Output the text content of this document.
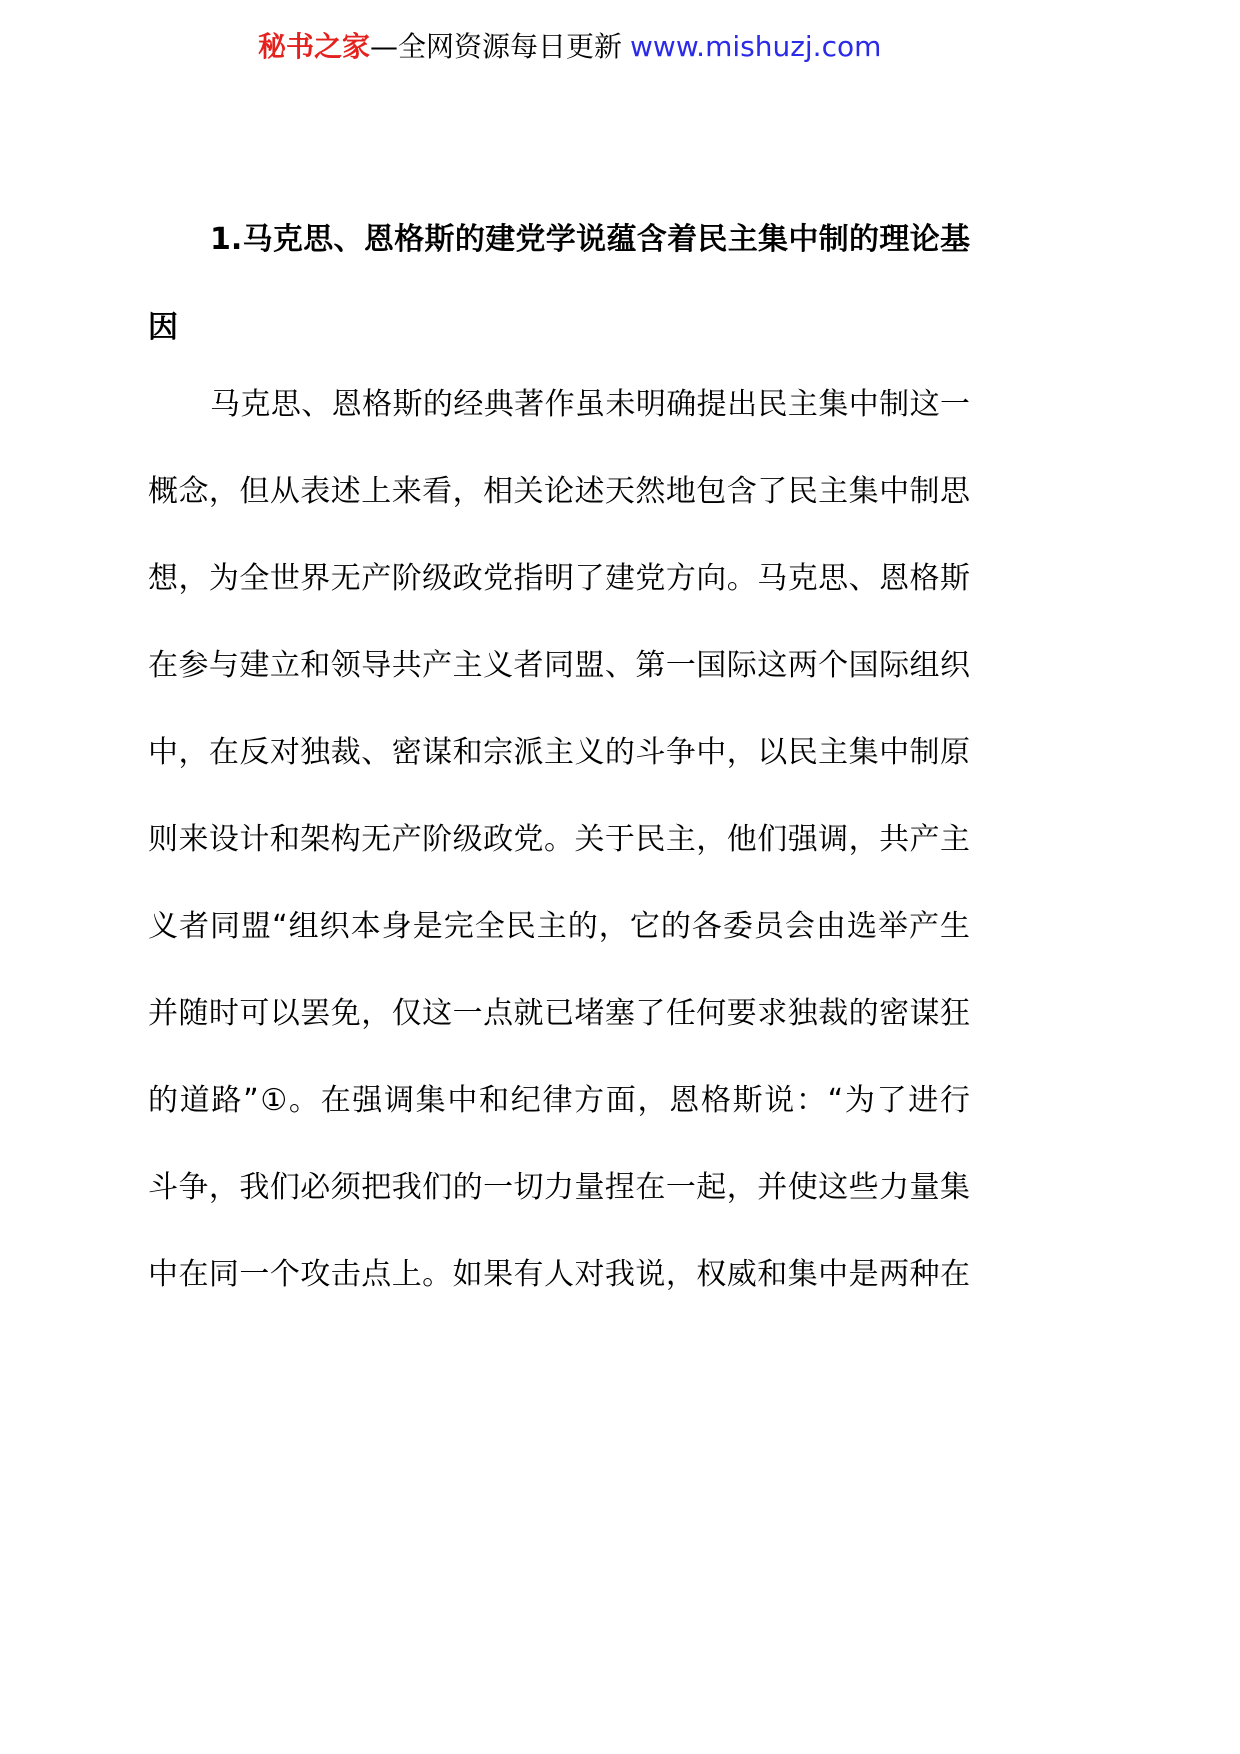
秘书之家—全网资源每日更新 www.mishuzj.com
1.马克思、恩格斯的建党学说蕴含着民主集中制的理论基
因
马克思、恩格斯的经典著作虽未明确提出民主集中制这一
概念，但从表述上来看，相关论述天然地包含了民主集中制思
想，为全世界无产阶级政党指明了建党方向。马克思、恩格斯
在参与建立和领导共产主义者同盟、第一国际这两个国际组织
中，在反对独裁、密谋和宗派主义的斗争中，以民主集中制原
则来设计和架构无产阶级政党。关于民主，他们强调，共产主
义者同盟“组织本身是完全民主的，它的各委员会由选举产生
并随时可以罢免，仅这一点就已堵塞了任何要求独裁的密谋狂
的道路”①。在强调集中和纪律方面，恩格斯说：“为了进行
斗争，我们必须把我们的一切力量捏在一起，并使这些力量集
中在同一个攻击点上。如果有人对我说，权威和集中是两种在
